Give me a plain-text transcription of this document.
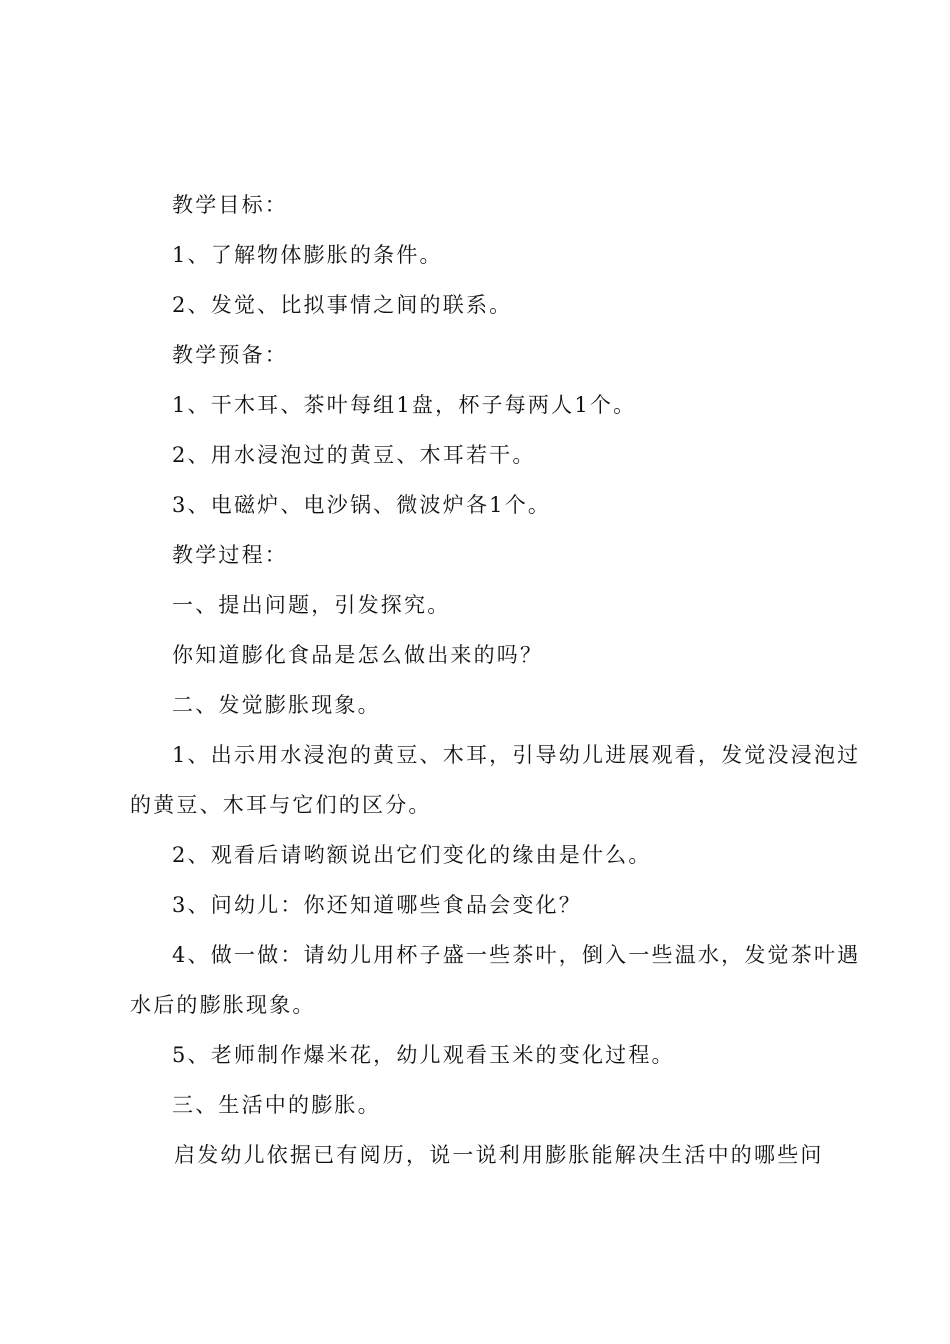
教学目标：
1、了解物体膨胀的条件。
2、发觉、比拟事情之间的联系。
教学预备：
1、干木耳、茶叶每组1盘，杯子每两人1个。
2、用水浸泡过的黄豆、木耳若干。
3、电磁炉、电沙锅、微波炉各1个。
教学过程：
一、提出问题，引发探究。
你知道膨化食品是怎么做出来的吗？
二、发觉膨胀现象。
1、出示用水浸泡的黄豆、木耳，引导幼儿进展观看，发觉没浸泡过
的黄豆、木耳与它们的区分。
2、观看后请哟额说出它们变化的缘由是什么。
3、问幼儿：你还知道哪些食品会变化？
4、做一做：请幼儿用杯子盛一些茶叶，倒入一些温水，发觉茶叶遇
水后的膨胀现象。
5、老师制作爆米花，幼儿观看玉米的变化过程。
三、生活中的膨胀。
启发幼儿依据已有阅历，说一说利用膨胀能解决生活中的哪些问
